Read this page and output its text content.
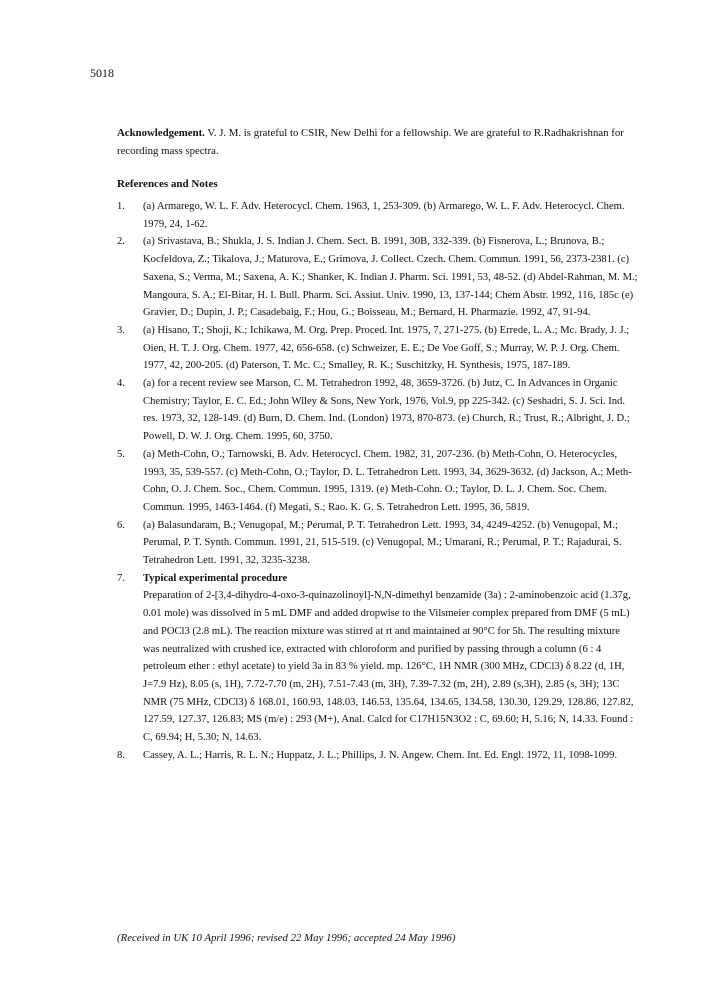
5018
Acknowledgement. V. J. M. is grateful to CSIR, New Delhi for a fellowship. We are grateful to R.Radhakrishnan for recording mass spectra.
References and Notes
1.	(a) Armarego, W. L. F. Adv. Heterocycl. Chem. 1963, 1, 253-309. (b) Armarego, W. L. F. Adv. Heterocycl. Chem. 1979, 24, 1-62.
2.	(a) Srivastava, B.; Shukla, J. S. Indian J. Chem. Sect. B. 1991, 30B, 332-339. (b) Fisnerova, L.; Brunova, B.; Kocfeldova, Z.; Tikalova, J.; Maturova, E.; Grimova, J. Collect. Czech. Chem. Commun. 1991, 56, 2373-2381. (c) Saxena, S.; Verma, M.; Saxena, A. K.; Shanker, K. Indian J. Pharm. Sci. 1991, 53, 48-52. (d) Abdel-Rahman, M. M.; Mangoura, S. A.; El-Bitar, H. I. Bull. Pharm. Sci. Assiut. Univ. 1990, 13, 137-144; Chem Abstr. 1992, 116, 185c (e) Gravier, D.; Dupin, J. P.; Casadebaig, F.; Hou, G.; Boisseau, M.; Bernard, H. Pharmazie. 1992, 47, 91-94.
3.	(a) Hisano, T.; Shoji, K.; Ichikawa, M. Org. Prep. Proced. Int. 1975, 7, 271-275. (b) Errede, L. A.; Mc. Brady, J. J.; Oien, H. T. J. Org. Chem. 1977, 42, 656-658. (c) Schweizer, E. E.; De Voe Goff, S.; Murray, W. P. J. Org. Chem. 1977, 42, 200-205. (d) Paterson, T. Mc. C.; Smalley, R. K.; Suschitzky, H. Synthesis, 1975, 187-189.
4.	(a) for a recent review see Marson, C. M. Tetrahedron 1992, 48, 3659-3726. (b) Jutz, C. In Advances in Organic Chemistry; Taylor, E. C. Ed.; John Wiley & Sons, New York, 1976, Vol.9, pp 225-342. (c) Seshadri, S. J. Sci. Ind. res. 1973, 32, 128-149. (d) Burn, D. Chem. Ind. (London) 1973, 870-873. (e) Church, R.; Trust, R.; Albright, J. D.; Powell, D. W. J. Org. Chem. 1995, 60, 3750.
5.	(a) Meth-Cohn, O.; Tarnowski, B. Adv. Heterocycl. Chem. 1982, 31, 207-236. (b) Meth-Cohn, O. Heterocycles, 1993, 35, 539-557. (c) Meth-Cohn, O.; Taylor, D. L. Tetrahedron Lett. 1993, 34, 3629-3632. (d) Jackson, A.; Meth-Cohn, O. J. Chem. Soc., Chem. Commun. 1995, 1319. (e) Meth-Cohn. O.; Taylor, D. L. J. Chem. Soc. Chem. Commun. 1995, 1463-1464. (f) Megati, S.; Rao. K. G. S. Tetrahedron Lett. 1995, 36, 5819.
6.	(a) Balasundaram, B.; Venugopal, M.; Perumal, P. T. Tetrahedron Lett. 1993, 34, 4249-4252. (b) Venugopal, M.; Perumal, P. T. Synth. Commun. 1991, 21, 515-519. (c) Venugopal, M.; Umarani, R.; Perumal, P. T.; Rajadurai, S. Tetrahedron Lett. 1991, 32, 3235-3238.
7.	Typical experimental procedure
Preparation of 2-[3,4-dihydro-4-oxo-3-quinazolinoyl]-N,N-dimethyl benzamide (3a) : 2-aminobenzoic acid (1.37g, 0.01 mole) was dissolved in 5 mL DMF and added dropwise to the Vilsmeier complex prepared from DMF (5 mL) and POCl3 (2.8 mL). The reaction mixture was stirred at rt and maintained at 90°C for 5h. The resulting mixture was neutralized with crushed ice, extracted with chloroform and purified by passing through a column (6 : 4 petroleum ether : ethyl acetate) to yield 3a in 83 % yield. mp. 126°C, 1H NMR (300 MHz, CDCl3) δ 8.22 (d, 1H, J=7.9 Hz), 8.05 (s, 1H), 7.72-7.70 (m, 2H), 7.51-7.43 (m, 3H), 7.39-7.32 (m, 2H), 2.89 (s,3H), 2.85 (s, 3H); 13C NMR (75 MHz, CDCl3) δ 168.01, 160.93, 148.03, 146.53, 135.64, 134.65, 134.58, 130.30, 129.29, 128.86, 127.82, 127.59, 127.37, 126.83; MS (m/e) : 293 (M+), Anal. Calcd for C17H15N3O2 : C, 69.60; H, 5.16; N, 14.33. Found : C, 69.94; H, 5.30; N, 14.63.
8.	Cassey, A. L.; Harris, R. L. N.; Huppatz, J. L.; Phillips, J. N. Angew. Chem. Int. Ed. Engl. 1972, 11, 1098-1099.
(Received in UK 10 April 1996; revised 22 May 1996; accepted 24 May 1996)
